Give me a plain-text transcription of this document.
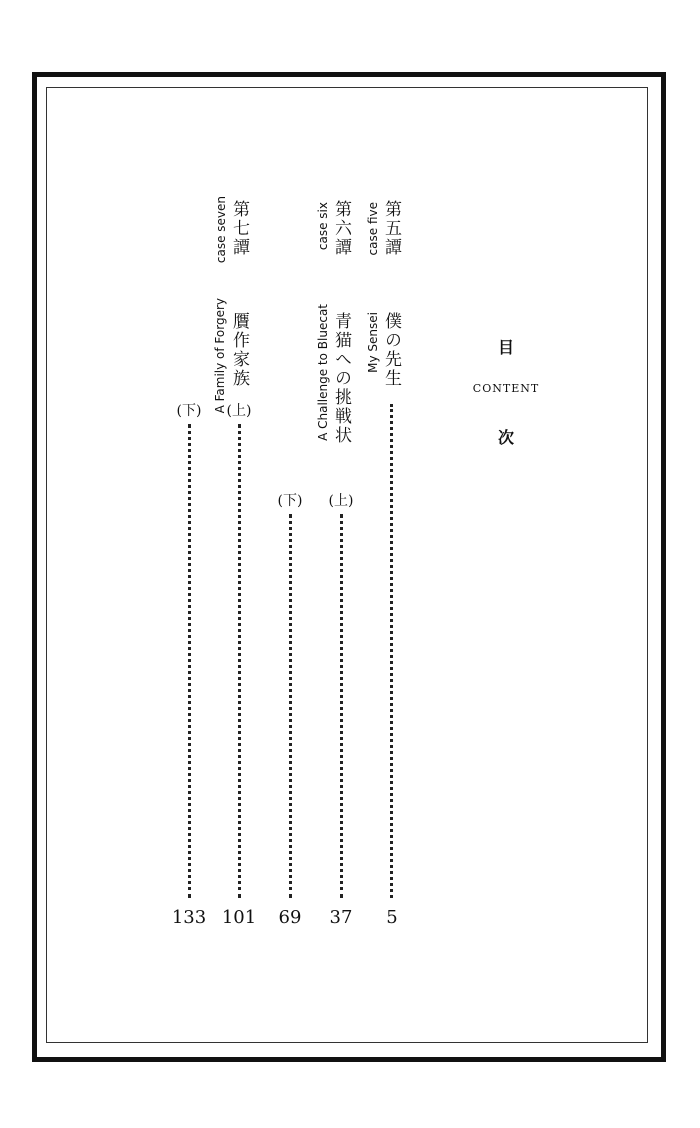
目
CONTENT
次
第五譚
case five
僕の先生
My Sensei
5
第六譚
case six
青猫への挑戦状
A Challenge to Bluecat
(上)
37
(下)
69
第七譚
case seven
贋作家族
A Family of Forgery (上)
101
(下)
133
